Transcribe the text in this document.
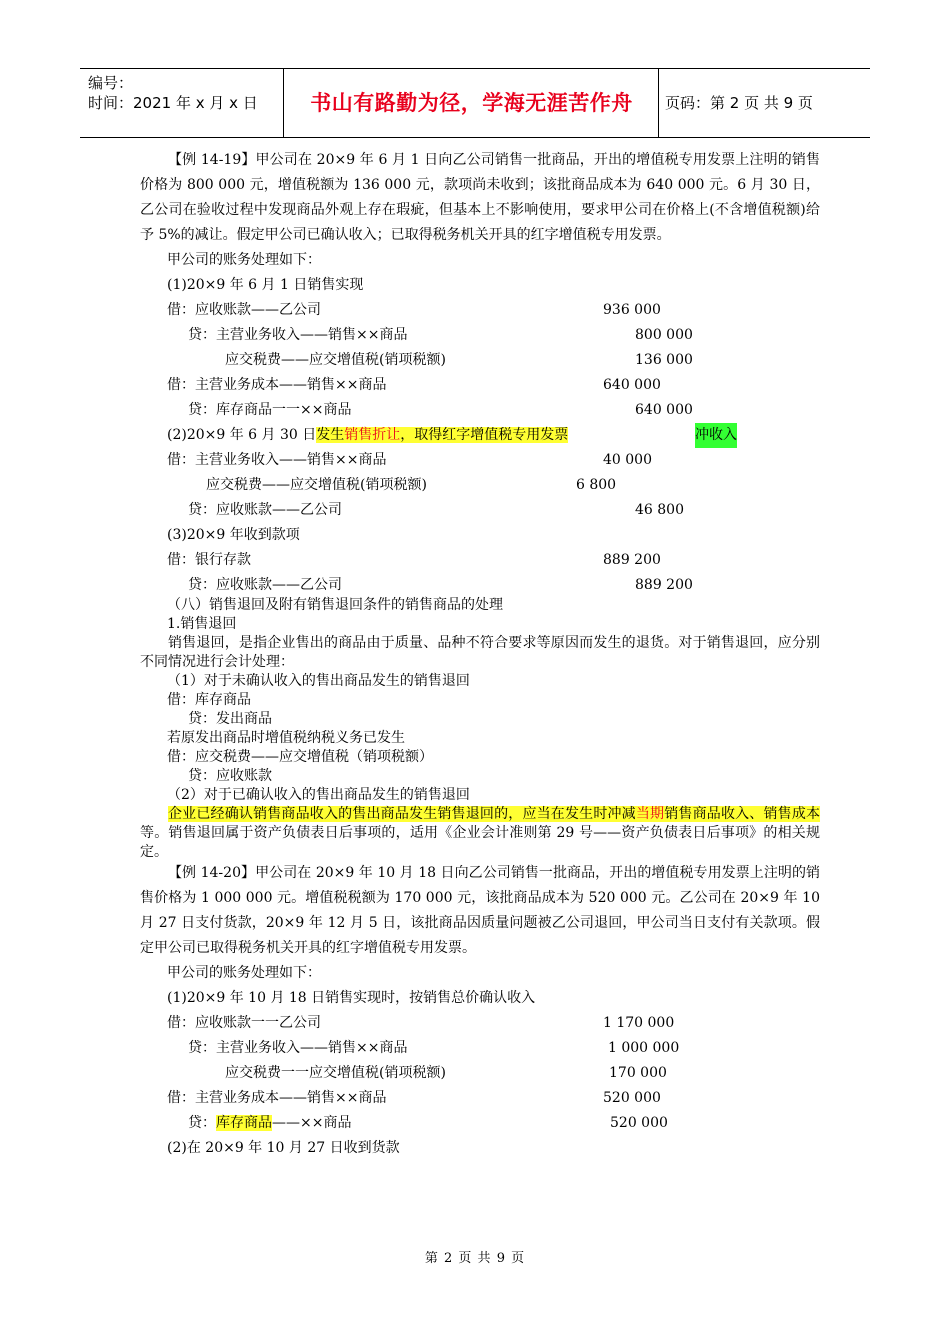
编号：
时间：2021 年 x 月 x 日	书山有路勤为径，学海无涯苦作舟	页码：第 2 页 共 9 页
【例 14-19】甲公司在 20×9 年 6 月 1 日向乙公司销售一批商品，开出的增值税专用发票上注明的销售价格为 800 000 元，增值税额为 136 000 元，款项尚未收到；该批商品成本为 640 000 元。6 月 30 日，乙公司在验收过程中发现商品外观上存在瑕疵，但基本上不影响使用，要求甲公司在价格上(不含增值税额)给予 5%的减让。假定甲公司已确认收入；已取得税务机关开具的红字增值税专用发票。
甲公司的账务处理如下：
(1)20×9 年 6 月 1 日销售实现
借：应收账款——乙公司	936 000
贷：主营业务收入——销售××商品	800 000
应交税费——应交增值税(销项税额)	136 000
借：主营业务成本——销售××商品	640 000
贷：库存商品一一××商品	640 000
(2)20×9 年 6 月 30 日发生销售折让，取得红字增值税专用发票	冲收入
借：主营业务收入——销售××商品	40 000
应交税费——应交增值税(销项税额)	6 800
贷：应收账款——乙公司	46 800
(3)20×9 年收到款项
借：银行存款	889 200
贷：应收账款——乙公司	889 200
（八）销售退回及附有销售退回条件的销售商品的处理
1.销售退回
销售退回，是指企业售出的商品由于质量、品种不符合要求等原因而发生的退货。对于销售退回，应分别不同情况进行会计处理：
（1）对于未确认收入的售出商品发生的销售退回
借：库存商品
贷：发出商品
若原发出商品时增值税纳税义务已发生
借：应交税费——应交增值税（销项税额）
贷：应收账款
（2）对于已确认收入的售出商品发生的销售退回
企业已经确认销售商品收入的售出商品发生销售退回的，应当在发生时冲减当期销售商品收入、销售成本等。销售退回属于资产负债表日后事项的，适用《企业会计准则第 29 号——资产负债表日后事项》的相关规定。
【例 14-20】甲公司在 20×9 年 10 月 18 日向乙公司销售一批商品，开出的增值税专用发票上注明的销售价格为 1 000 000 元。增值税税额为 170 000 元，该批商品成本为 520 000 元。乙公司在 20×9 年 10 月 27 日支付货款，20×9 年 12 月 5 日，该批商品因质量问题被乙公司退回，甲公司当日支付有关款项。假定甲公司已取得税务机关开具的红字增值税专用发票。
甲公司的账务处理如下：
(1)20×9 年 10 月 18 日销售实现时，按销售总价确认收入
借：应收账款一一乙公司	1 170 000
贷：主营业务收入——销售××商品	1 000 000
应交税费一一应交增值税(销项税额)	170 000
借：主营业务成本——销售××商品	520 000
贷：库存商品——××商品	520 000
(2)在 20×9 年 10 月 27 日收到货款
第 2 页 共 9 页
